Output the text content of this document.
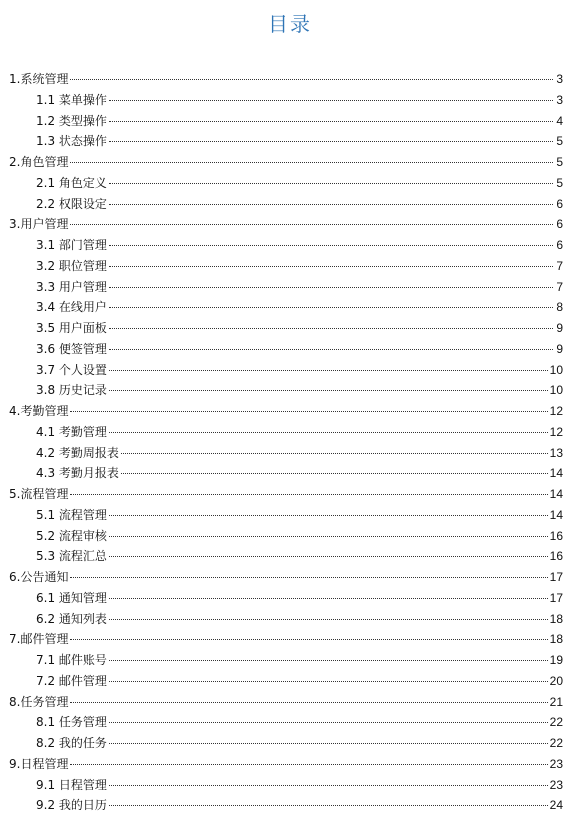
目录
1.系统管理	3
1.1 菜单操作	3
1.2 类型操作	4
1.3 状态操作	5
2.角色管理	5
2.1 角色定义	5
2.2 权限设定	6
3.用户管理	6
3.1 部门管理	6
3.2 职位管理	7
3.3 用户管理	7
3.4 在线用户	8
3.5 用户面板	9
3.6 便签管理	9
3.7 个人设置	10
3.8 历史记录	10
4.考勤管理	12
4.1 考勤管理	12
4.2 考勤周报表	13
4.3 考勤月报表	14
5.流程管理	14
5.1 流程管理	14
5.2 流程审核	16
5.3 流程汇总	16
6.公告通知	17
6.1 通知管理	17
6.2 通知列表	18
7.邮件管理	18
7.1 邮件账号	19
7.2 邮件管理	20
8.任务管理	21
8.1 任务管理	22
8.2 我的任务	22
9.日程管理	23
9.1 日程管理	23
9.2 我的日历	24
